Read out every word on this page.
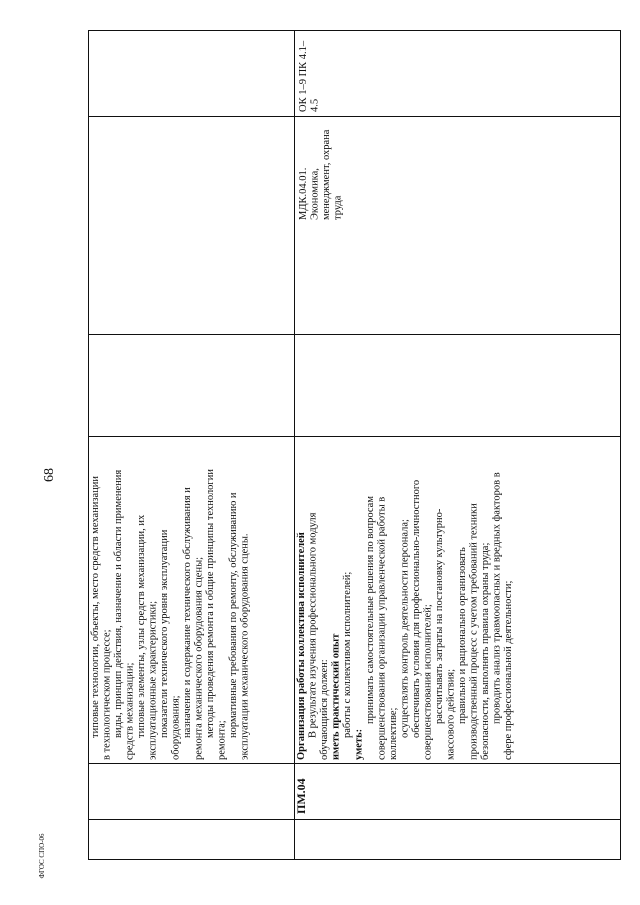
68
ФГОС СПО-06
типовые технологии, объекты, место средств механизации в технологическом процессе; виды, принцип действия, назначение и области применения средств механизации; типовые элементы, узлы средств механизации, их эксплуатационные характеристики; показатели технического уровня эксплуатации оборудования; назначение и содержание технического обслуживания и ремонта механического оборудования сцены; методы проведения ремонта и общие принципы технологии
ремонта;
нормативные требования по ремонту, обслуживанию и эксплуатации механического оборудования сцены.
ПМ.04
Организация работы коллектива исполнителей В результате изучения профессионального модуля обучающийся должен: иметь практический опыт работы с коллективом исполнителей;
уметь:
принимать самостоятельные решения по вопросам совершенствования организации управленческой работы в коллективе; осуществлять контроль деятельности персонала; обеспечивать условия для профессионально-личностного совершенствования исполнителей; рассчитывать затраты на постановку культурно- массового действия; правильно и рационально организовать производственный процесс с учетом требований техники безопасности, выполнять правила охраны труда; проводить анализ травмоопасных и вредных факторов в сфере профессиональной деятельности;
МДК.04.01. Экономика, менеджмент, охрана труда
ОК 1–9 ПК 4.1–4.5
